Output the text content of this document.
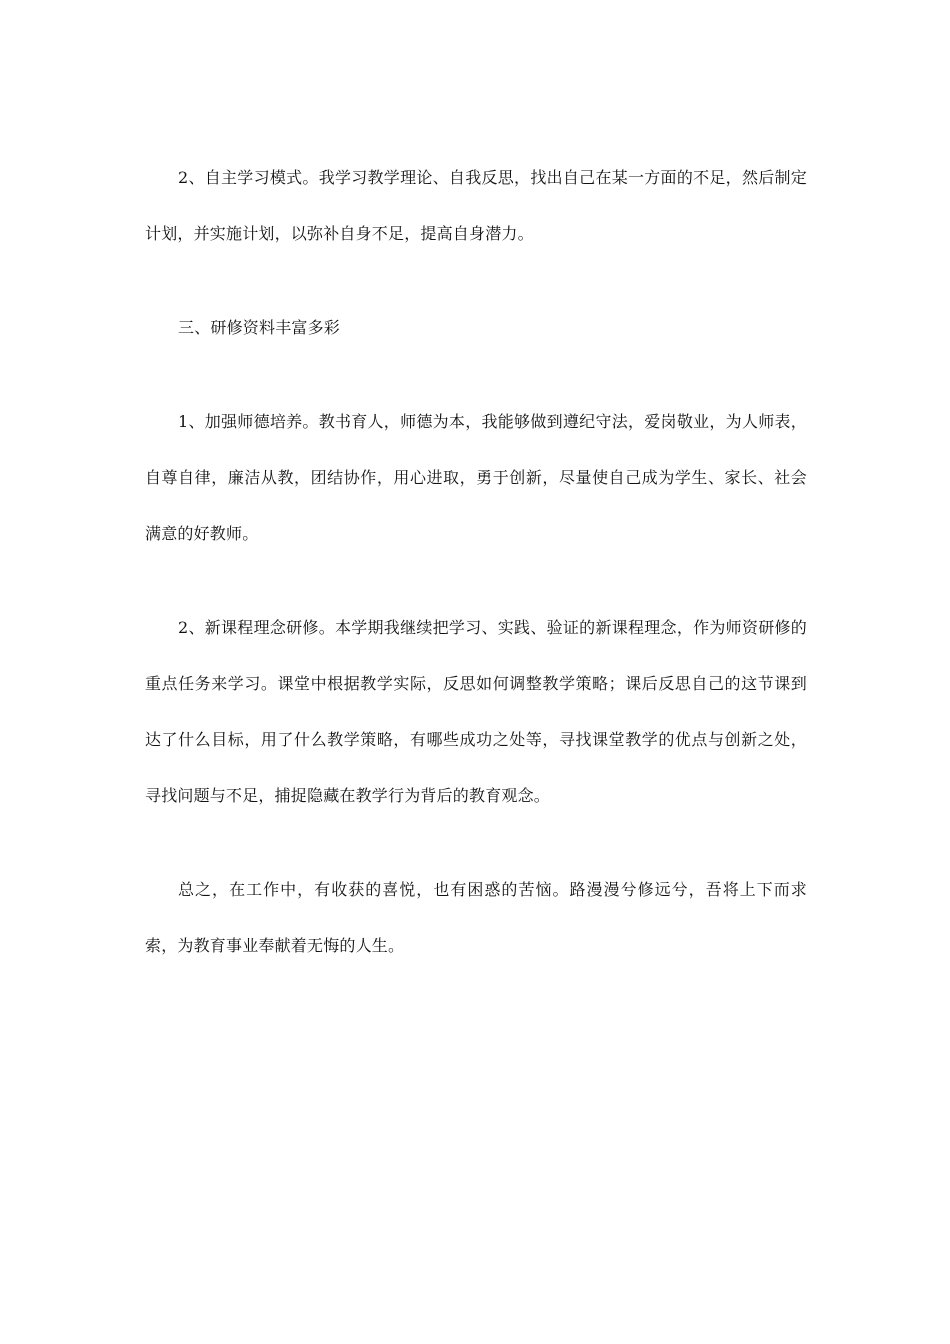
2、自主学习模式。我学习教学理论、自我反思，找出自己在某一方面的不足，然后制定计划，并实施计划，以弥补自身不足，提高自身潜力。

三、研修资料丰富多彩

1、加强师德培养。教书育人，师德为本，我能够做到遵纪守法，爱岗敬业，为人师表，自尊自律，廉洁从教，团结协作，用心进取，勇于创新，尽量使自己成为学生、家长、社会满意的好教师。

2、新课程理念研修。本学期我继续把学习、实践、验证的新课程理念，作为师资研修的重点任务来学习。课堂中根据教学实际，反思如何调整教学策略；课后反思自己的这节课到达了什么目标，用了什么教学策略，有哪些成功之处等，寻找课堂教学的优点与创新之处，寻找问题与不足，捕捉隐藏在教学行为背后的教育观念。

总之，在工作中，有收获的喜悦，也有困惑的苦恼。路漫漫兮修远兮，吾将上下而求索，为教育事业奉献着无悔的人生。
